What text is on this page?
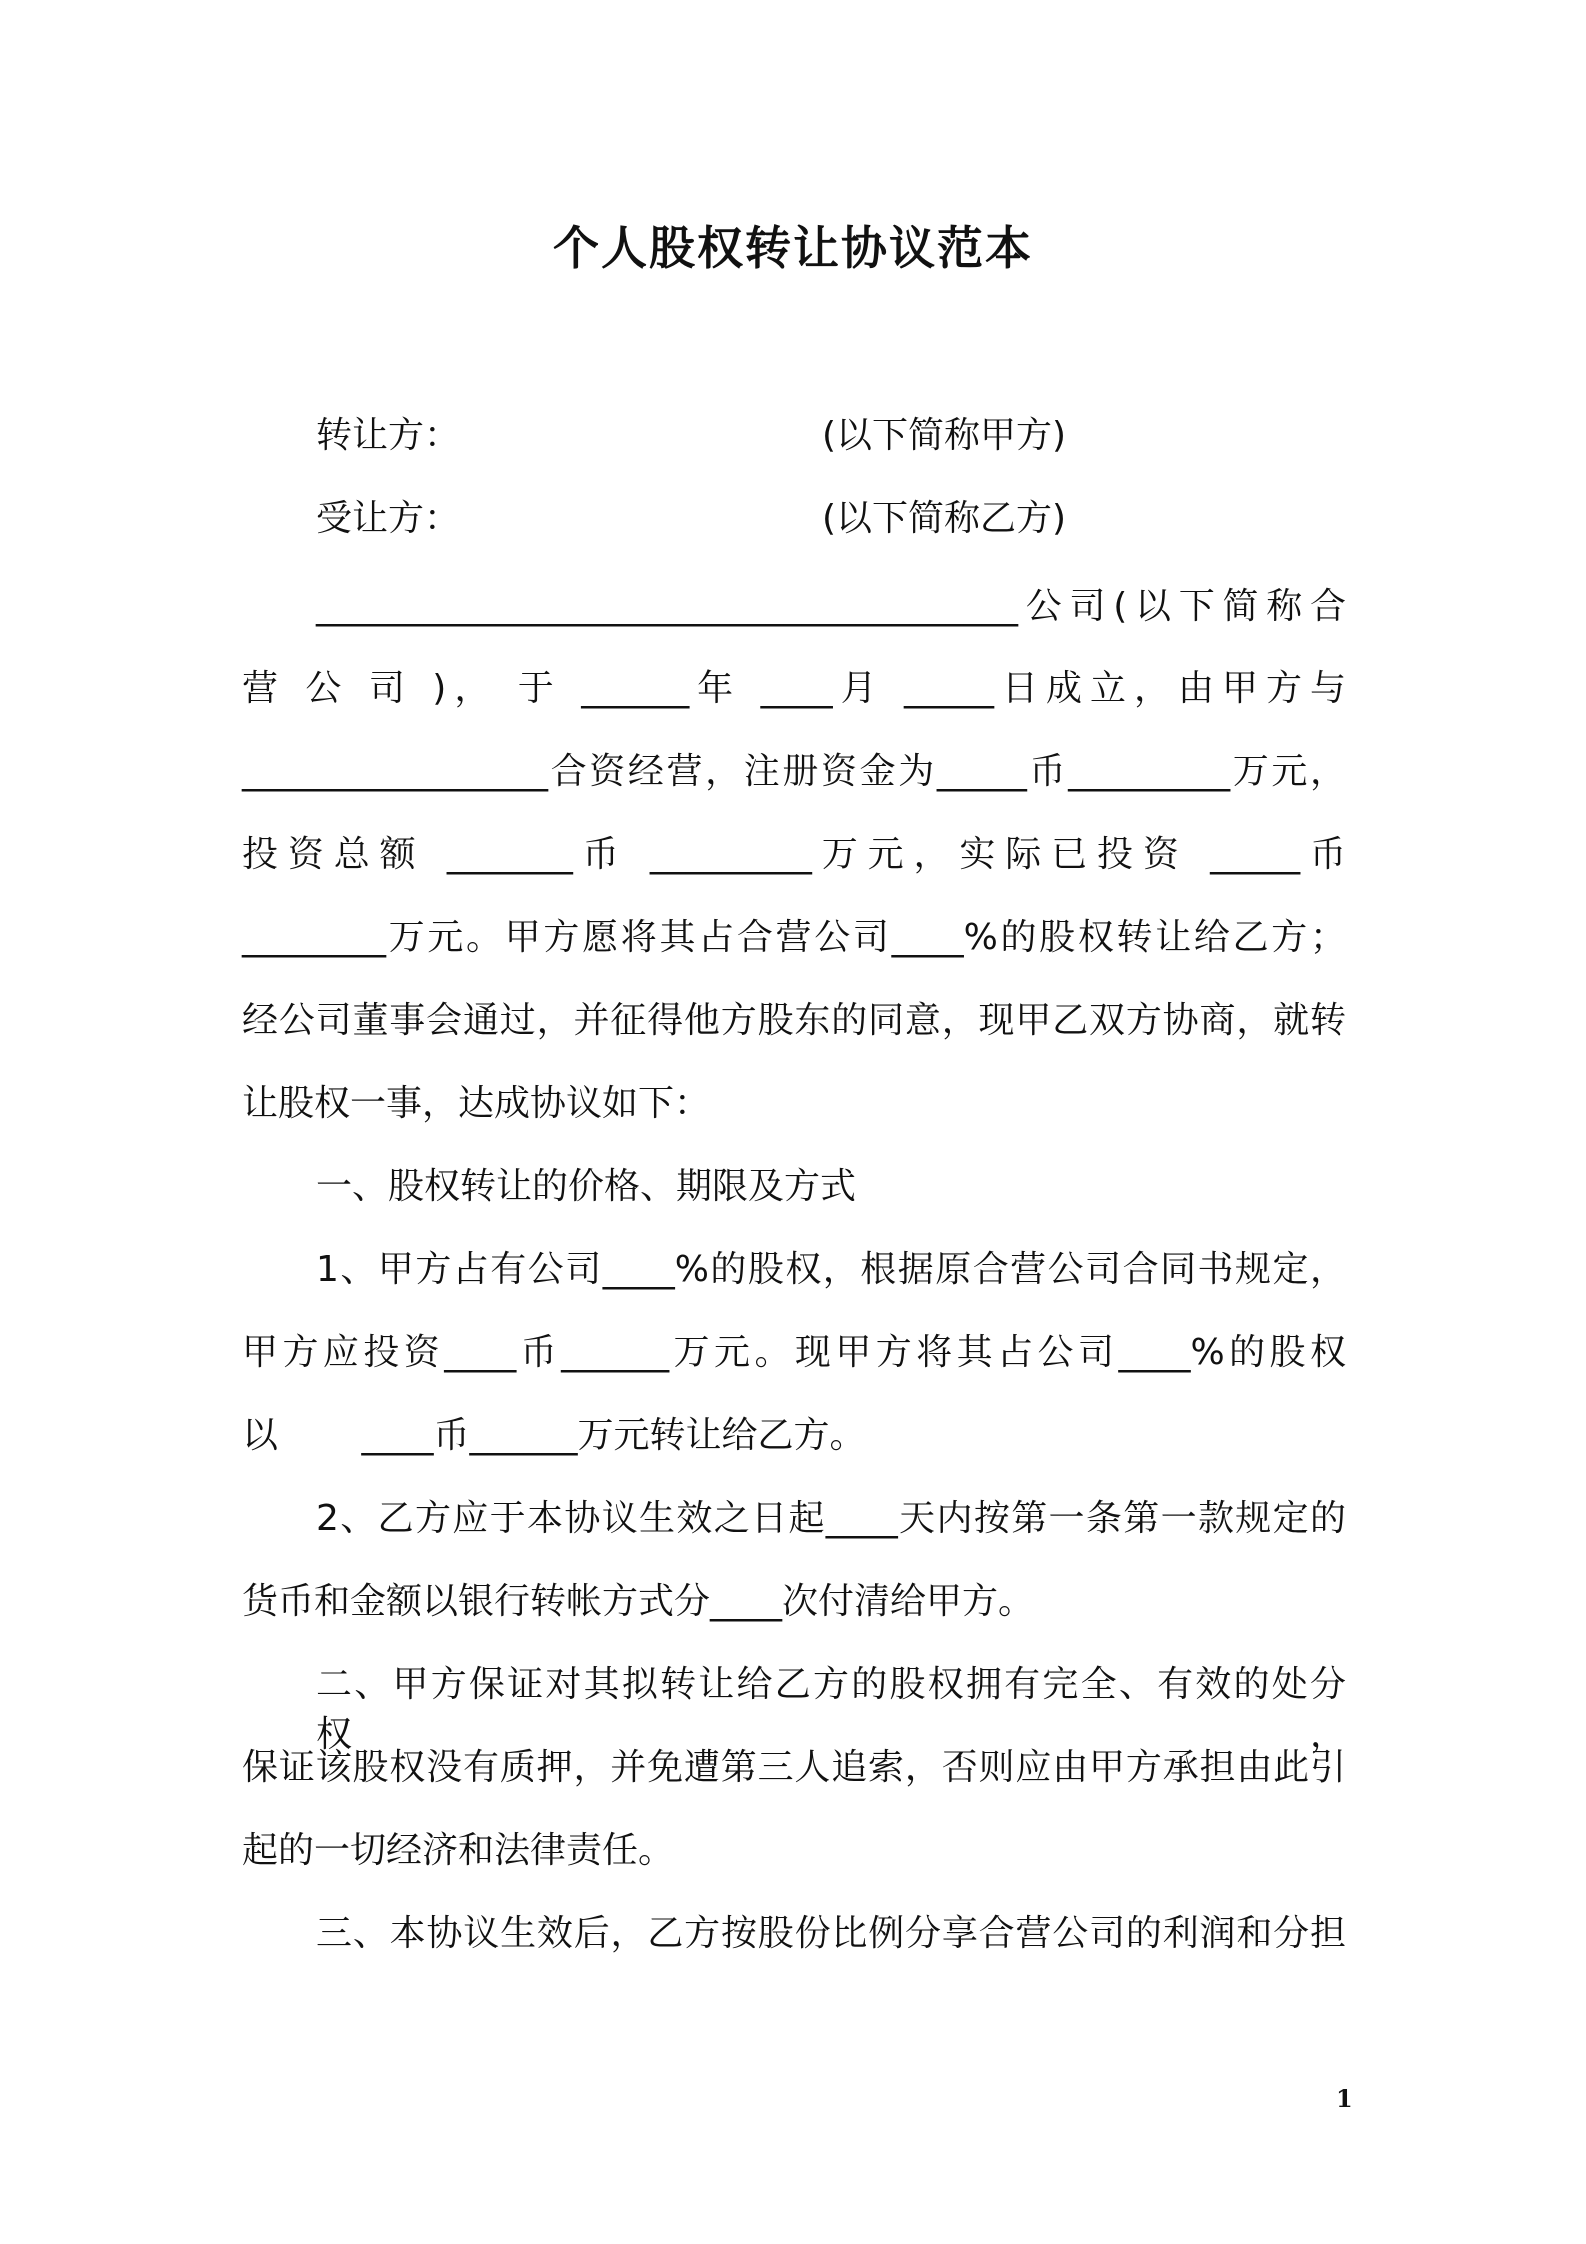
个人股权转让协议范本
转让方：	(以下简称甲方)
受让方：	(以下简称乙方)
_______________________________________公司(以下简称合
营 公 司 )， 于 ______年 ____月 _____日成立，由甲方与
_________________合资经营，注册资金为_____币_________万元，
投资总额 _______币 _________万元，实际已投资 _____币
________万元。甲方愿将其占合营公司____%的股权转让给乙方；
经公司董事会通过，并征得他方股东的同意，现甲乙双方协商，就转
让股权一事，达成协议如下：
一、股权转让的价格、期限及方式
1、甲方占有公司____%的股权，根据原合营公司合同书规定，
甲方应投资____币______万元。现甲方将其占公司____%的股权
以　　 ____币______万元转让给乙方。
2、乙方应于本协议生效之日起____天内按第一条第一款规定的
货币和金额以银行转帐方式分____次付清给甲方。
二、甲方保证对其拟转让给乙方的股权拥有完全、有效的处分权，
保证该股权没有质押，并免遭第三人追索，否则应由甲方承担由此引
起的一切经济和法律责任。
三、本协议生效后，乙方按股份比例分享合营公司的利润和分担
1
